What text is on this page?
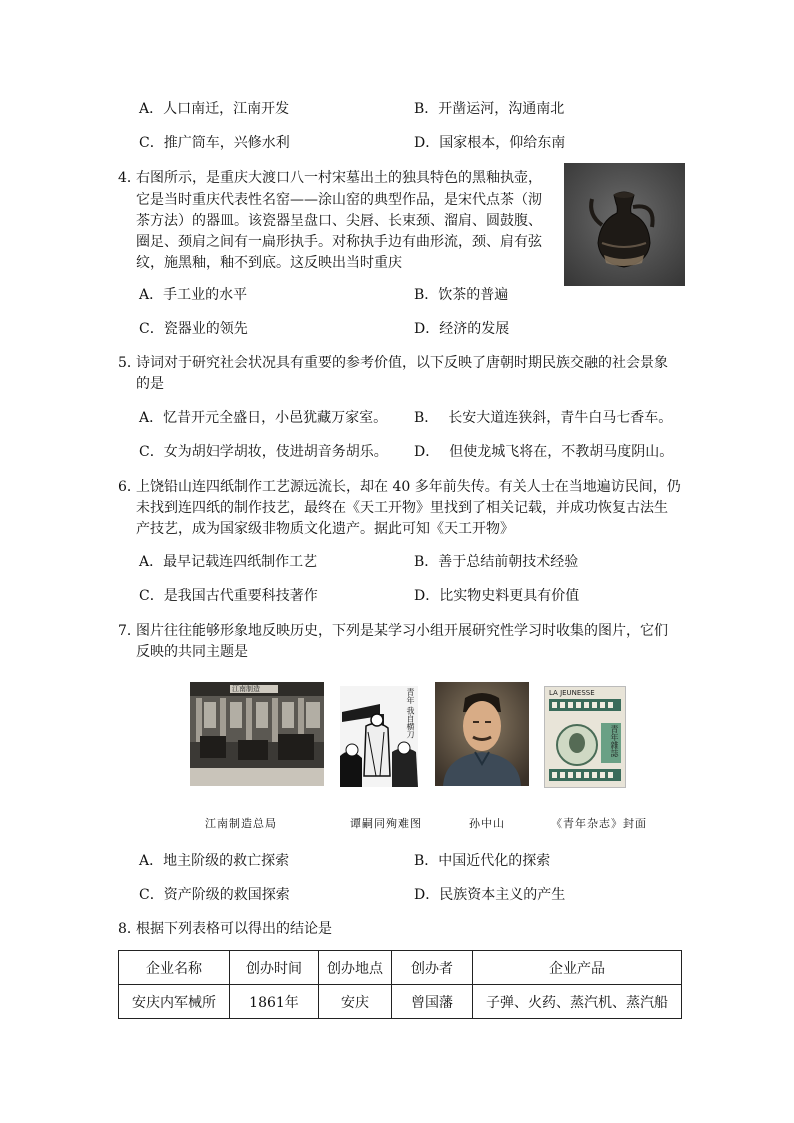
A．人口南迁，江南开发	B．开凿运河，沟通南北
C．推广筒车，兴修水利	D．国家根本，仰给东南
4．
右图所示，是重庆大渡口八一村宋墓出土的独具特色的黑釉执壶，
它是当时重庆代表性名窑——涂山窑的典型作品，是宋代点茶（沏
茶方法）的器皿。该瓷器呈盘口、尖唇、长束颈、溜肩、圆鼓腹、
圈足、颈肩之间有一扁形执手。对称执手边有曲形流，颈、肩有弦
纹，施黑釉，釉不到底。这反映出当时重庆
A．手工业的水平	B．饮茶的普遍
C．瓷器业的领先	D．经济的发展
5．
诗词对于研究社会状况具有重要的参考价值，以下反映了唐朝时期民族交融的社会景象
的是
A．忆昔开元全盛日，小邑犹藏万家室。 B． 长安大道连狭斜，青牛白马七香车。
C．女为胡妇学胡妆，伎进胡音务胡乐。 D． 但使龙城飞将在，不教胡马度阴山。
6．
上饶铅山连四纸制作工艺源远流长，却在 40 多年前失传。有关人士在当地遍访民间，仍
未找到连四纸的制作技艺，最终在《天工开物》里找到了相关记载，并成功恢复古法生
产技艺，成为国家级非物质文化遗产。据此可知《天工开物》
A．最早记载连四纸制作工艺	B．善于总结前朝技术经验
C．是我国古代重要科技著作	D．比实物史料更具有价值
7．
图片往往能够形象地反映历史，下列是某学习小组开展研究性学习时收集的图片，它们
反映的共同主题是
江南制造	青年 我自横刀	LA JEUNESSE
青年雜誌
江南制造总局	谭嗣同殉难图	孙中山	《青年杂志》封面
A．地主阶级的救亡探索	B．中国近代化的探索
C．资产阶级的救国探索	D．民族资本主义的产生
8．
根据下列表格可以得出的结论是
企业名称	创办时间	创办地点	创办者	企业产品
安庆内军械所	1861年	安庆	曾国藩	子弹、火药、蒸汽机、蒸汽船
